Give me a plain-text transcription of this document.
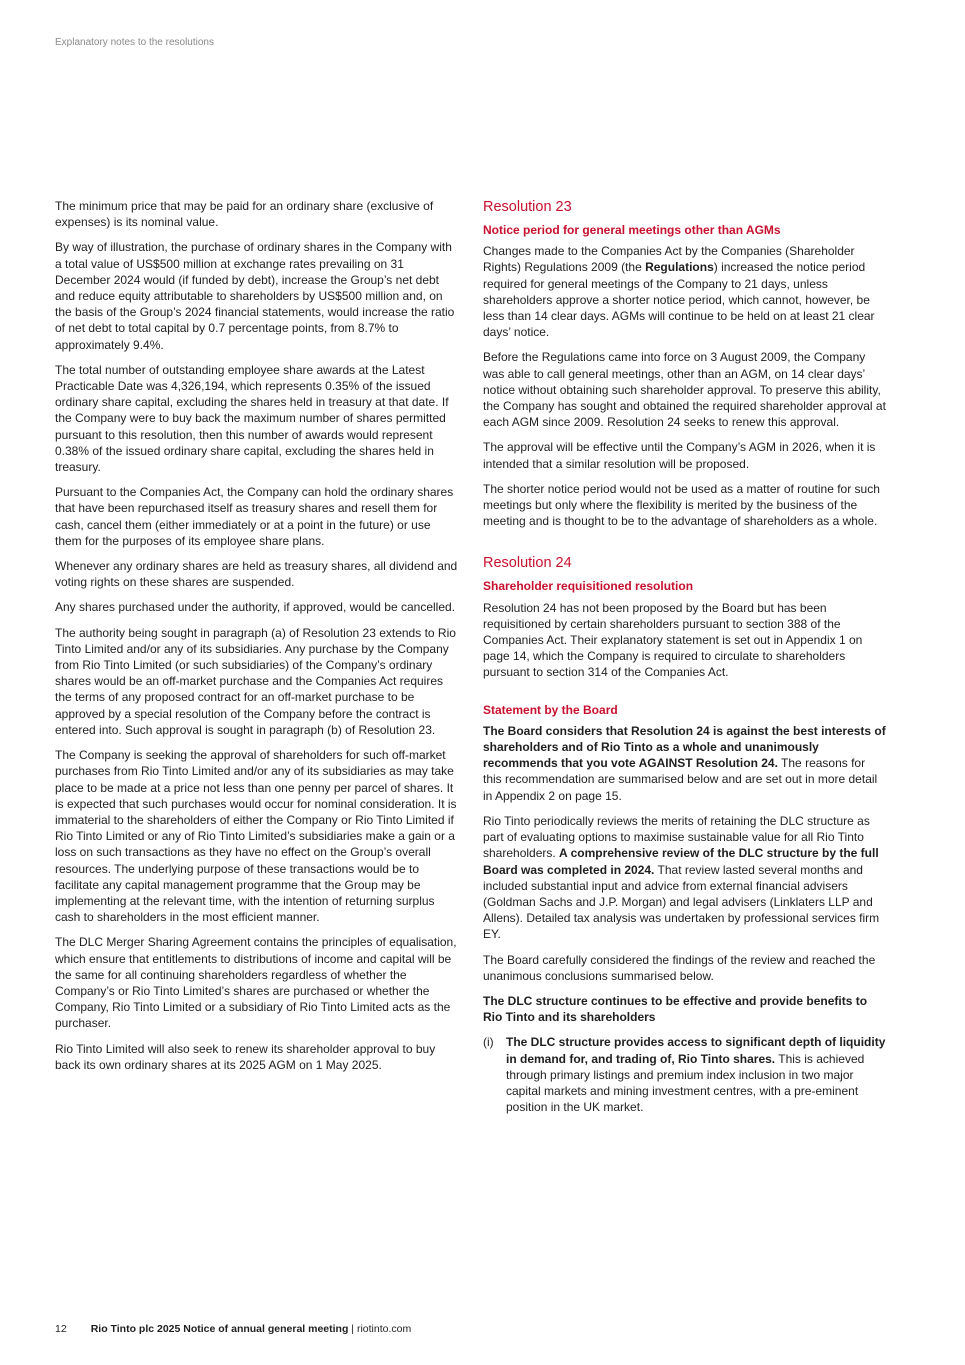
Explanatory notes to the resolutions

The minimum price that may be paid for an ordinary share (exclusive of expenses) is its nominal value.

By way of illustration, the purchase of ordinary shares in the Company with a total value of US$500 million at exchange rates prevailing on 31 December 2024 would (if funded by debt), increase the Group’s net debt and reduce equity attributable to shareholders by US$500 million and, on the basis of the Group’s 2024 financial statements, would increase the ratio of net debt to total capital by 0.7 percentage points, from 8.7% to approximately 9.4%.

The total number of outstanding employee share awards at the Latest Practicable Date was 4,326,194, which represents 0.35% of the issued ordinary share capital, excluding the shares held in treasury at that date. If the Company were to buy back the maximum number of shares permitted pursuant to this resolution, then this number of awards would represent 0.38% of the issued ordinary share capital, excluding the shares held in treasury.

Pursuant to the Companies Act, the Company can hold the ordinary shares that have been repurchased itself as treasury shares and resell them for cash, cancel them (either immediately or at a point in the future) or use them for the purposes of its employee share plans.

Whenever any ordinary shares are held as treasury shares, all dividend and voting rights on these shares are suspended.

Any shares purchased under the authority, if approved, would be cancelled.

The authority being sought in paragraph (a) of Resolution 23 extends to Rio Tinto Limited and/or any of its subsidiaries. Any purchase by the Company from Rio Tinto Limited (or such subsidiaries) of the Company’s ordinary shares would be an off-market purchase and the Companies Act requires the terms of any proposed contract for an off-market purchase to be approved by a special resolution of the Company before the contract is entered into. Such approval is sought in paragraph (b) of Resolution 23.

The Company is seeking the approval of shareholders for such off-market purchases from Rio Tinto Limited and/or any of its subsidiaries as may take place to be made at a price not less than one penny per parcel of shares. It is expected that such purchases would occur for nominal consideration. It is immaterial to the shareholders of either the Company or Rio Tinto Limited if Rio Tinto Limited or any of Rio Tinto Limited’s subsidiaries make a gain or a loss on such transactions as they have no effect on the Group’s overall resources. The underlying purpose of these transactions would be to facilitate any capital management programme that the Group may be implementing at the relevant time, with the intention of returning surplus cash to shareholders in the most efficient manner.

The DLC Merger Sharing Agreement contains the principles of equalisation, which ensure that entitlements to distributions of income and capital will be the same for all continuing shareholders regardless of whether the Company’s or Rio Tinto Limited’s shares are purchased or whether the Company, Rio Tinto Limited or a subsidiary of Rio Tinto Limited acts as the purchaser.

Rio Tinto Limited will also seek to renew its shareholder approval to buy back its own ordinary shares at its 2025 AGM on 1 May 2025.

Resolution 23
Notice period for general meetings other than AGMs

Changes made to the Companies Act by the Companies (Shareholder Rights) Regulations 2009 (the Regulations) increased the notice period required for general meetings of the Company to 21 days, unless shareholders approve a shorter notice period, which cannot, however, be less than 14 clear days. AGMs will continue to be held on at least 21 clear days’ notice.

Before the Regulations came into force on 3 August 2009, the Company was able to call general meetings, other than an AGM, on 14 clear days’ notice without obtaining such shareholder approval. To preserve this ability, the Company has sought and obtained the required shareholder approval at each AGM since 2009. Resolution 24 seeks to renew this approval.

The approval will be effective until the Company’s AGM in 2026, when it is intended that a similar resolution will be proposed.

The shorter notice period would not be used as a matter of routine for such meetings but only where the flexibility is merited by the business of the meeting and is thought to be to the advantage of shareholders as a whole.

Resolution 24
Shareholder requisitioned resolution

Resolution 24 has not been proposed by the Board but has been requisitioned by certain shareholders pursuant to section 388 of the Companies Act. Their explanatory statement is set out in Appendix 1 on page 14, which the Company is required to circulate to shareholders pursuant to section 314 of the Companies Act.

Statement by the Board

The Board considers that Resolution 24 is against the best interests of shareholders and of Rio Tinto as a whole and unanimously recommends that you vote AGAINST Resolution 24. The reasons for this recommendation are summarised below and are set out in more detail in Appendix 2 on page 15.

Rio Tinto periodically reviews the merits of retaining the DLC structure as part of evaluating options to maximise sustainable value for all Rio Tinto shareholders. A comprehensive review of the DLC structure by the full Board was completed in 2024. That review lasted several months and included substantial input and advice from external financial advisers (Goldman Sachs and J.P. Morgan) and legal advisers (Linklaters LLP and Allens). Detailed tax analysis was undertaken by professional services firm EY.

The Board carefully considered the findings of the review and reached the unanimous conclusions summarised below.

The DLC structure continues to be effective and provide benefits to Rio Tinto and its shareholders

(i)	The DLC structure provides access to significant depth of liquidity in demand for, and trading of, Rio Tinto shares. This is achieved through primary listings and premium index inclusion in two major capital markets and mining investment centres, with a pre-eminent position in the UK market.
12 Rio Tinto plc 2025 Notice of annual general meeting | riotinto.com
